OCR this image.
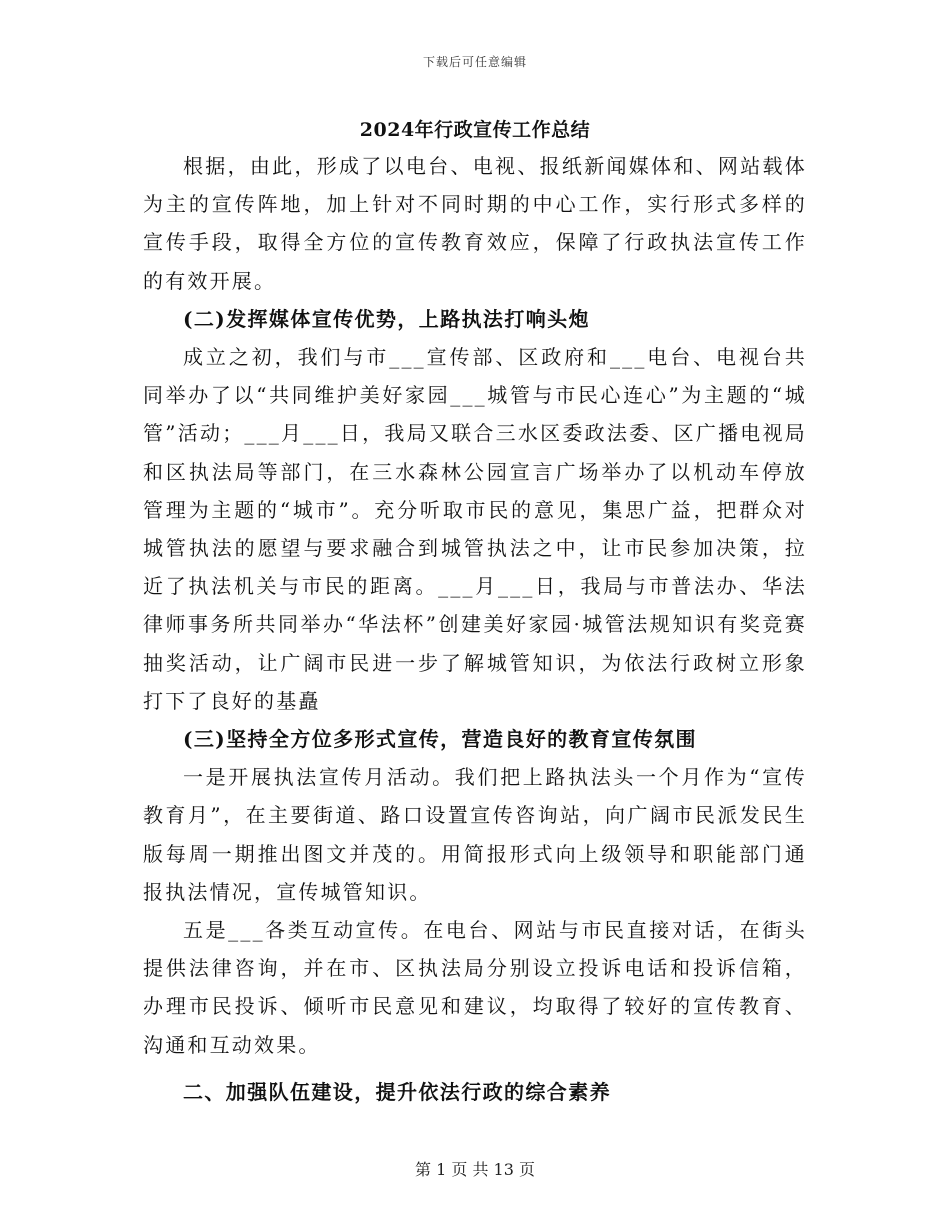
下载后可任意编辑
2024年行政宣传工作总结

根据，由此，形成了以电台、电视、报纸新闻媒体和、网站载体为主的宣传阵地，加上针对不同时期的中心工作，实行形式多样的宣传手段，取得全方位的宣传教育效应，保障了行政执法宣传工作的有效开展。

(二)发挥媒体宣传优势，上路执法打响头炮

成立之初，我们与市___宣传部、区政府和___电台、电视台共同举办了以“共同维护美好家园___城管与市民心连心”为主题的“城管”活动；___月___日，我局又联合三水区委政法委、区广播电视局和区执法局等部门，在三水森林公园宣言广场举办了以机动车停放管理为主题的“城市”。充分听取市民的意见，集思广益，把群众对城管执法的愿望与要求融合到城管执法之中，让市民参加决策，拉近了执法机关与市民的距离。___月___日，我局与市普法办、华法律师事务所共同举办“华法杯”创建美好家园·城管法规知识有奖竞赛抽奖活动，让广阔市民进一步了解城管知识，为依法行政树立形象打下了良好的基矗

(三)坚持全方位多形式宣传，营造良好的教育宣传氛围

一是开展执法宣传月活动。我们把上路执法头一个月作为“宣传教育月”，在主要街道、路口设置宣传咨询站，向广阔市民派发民生版每周一期推出图文并茂的。用简报形式向上级领导和职能部门通报执法情况，宣传城管知识。

五是___各类互动宣传。在电台、网站与市民直接对话，在街头提供法律咨询，并在市、区执法局分别设立投诉电话和投诉信箱，办理市民投诉、倾听市民意见和建议，均取得了较好的宣传教育、沟通和互动效果。

二、加强队伍建设，提升依法行政的综合素养

第 1 页 共 13 页
